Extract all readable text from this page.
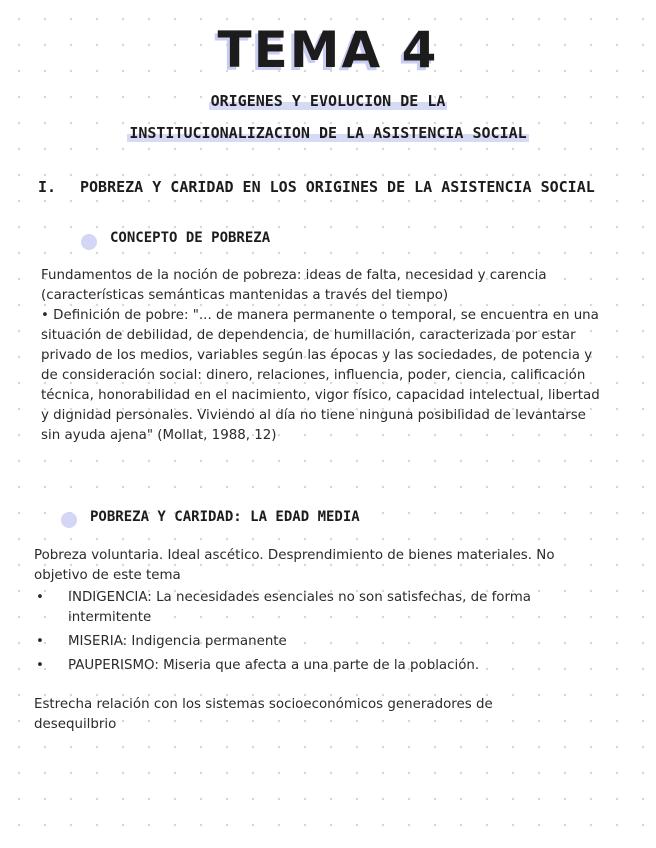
TEMA 4
ORIGENES Y EVOLUCION DE LA
INSTITUCIONALIZACION DE LA ASISTENCIA SOCIAL
I. POBREZA Y CARIDAD EN LOS ORIGINES DE LA ASISTENCIA SOCIAL
CONCEPTO DE POBREZA

Fundamentos de la noción de pobreza: ideas de falta, necesidad y carencia (características semánticas mantenidas a través del tiempo)

• Definición de pobre: "... de manera permanente o temporal, se encuentra en una situación de debilidad, de dependencia, de humillación, caracterizada por estar privado de los medios, variables según las épocas y las sociedades, de potencia y de consideración social: dinero, relaciones, influencia, poder, ciencia, calificación técnica, honorabilidad en el nacimiento, vigor físico, capacidad intelectual, libertad y dignidad personales. Viviendo al día no tiene ninguna posibilidad de levantarse sin ayuda ajena" (Mollat, 1988, 12)

POBREZA Y CARIDAD: LA EDAD MEDIA
Pobreza voluntaria. Ideal ascético. Desprendimiento de bienes materiales. No objetivo de este tema
• INDIGENCIA: La necesidades esenciales no son satisfechas, de forma intermitente
• MISERIA: Indigencia permanente
• PAUPERISMO: Miseria que afecta a una parte de la población.
Estrecha relación con los sistemas socioeconómicos generadores de desequilbrio
